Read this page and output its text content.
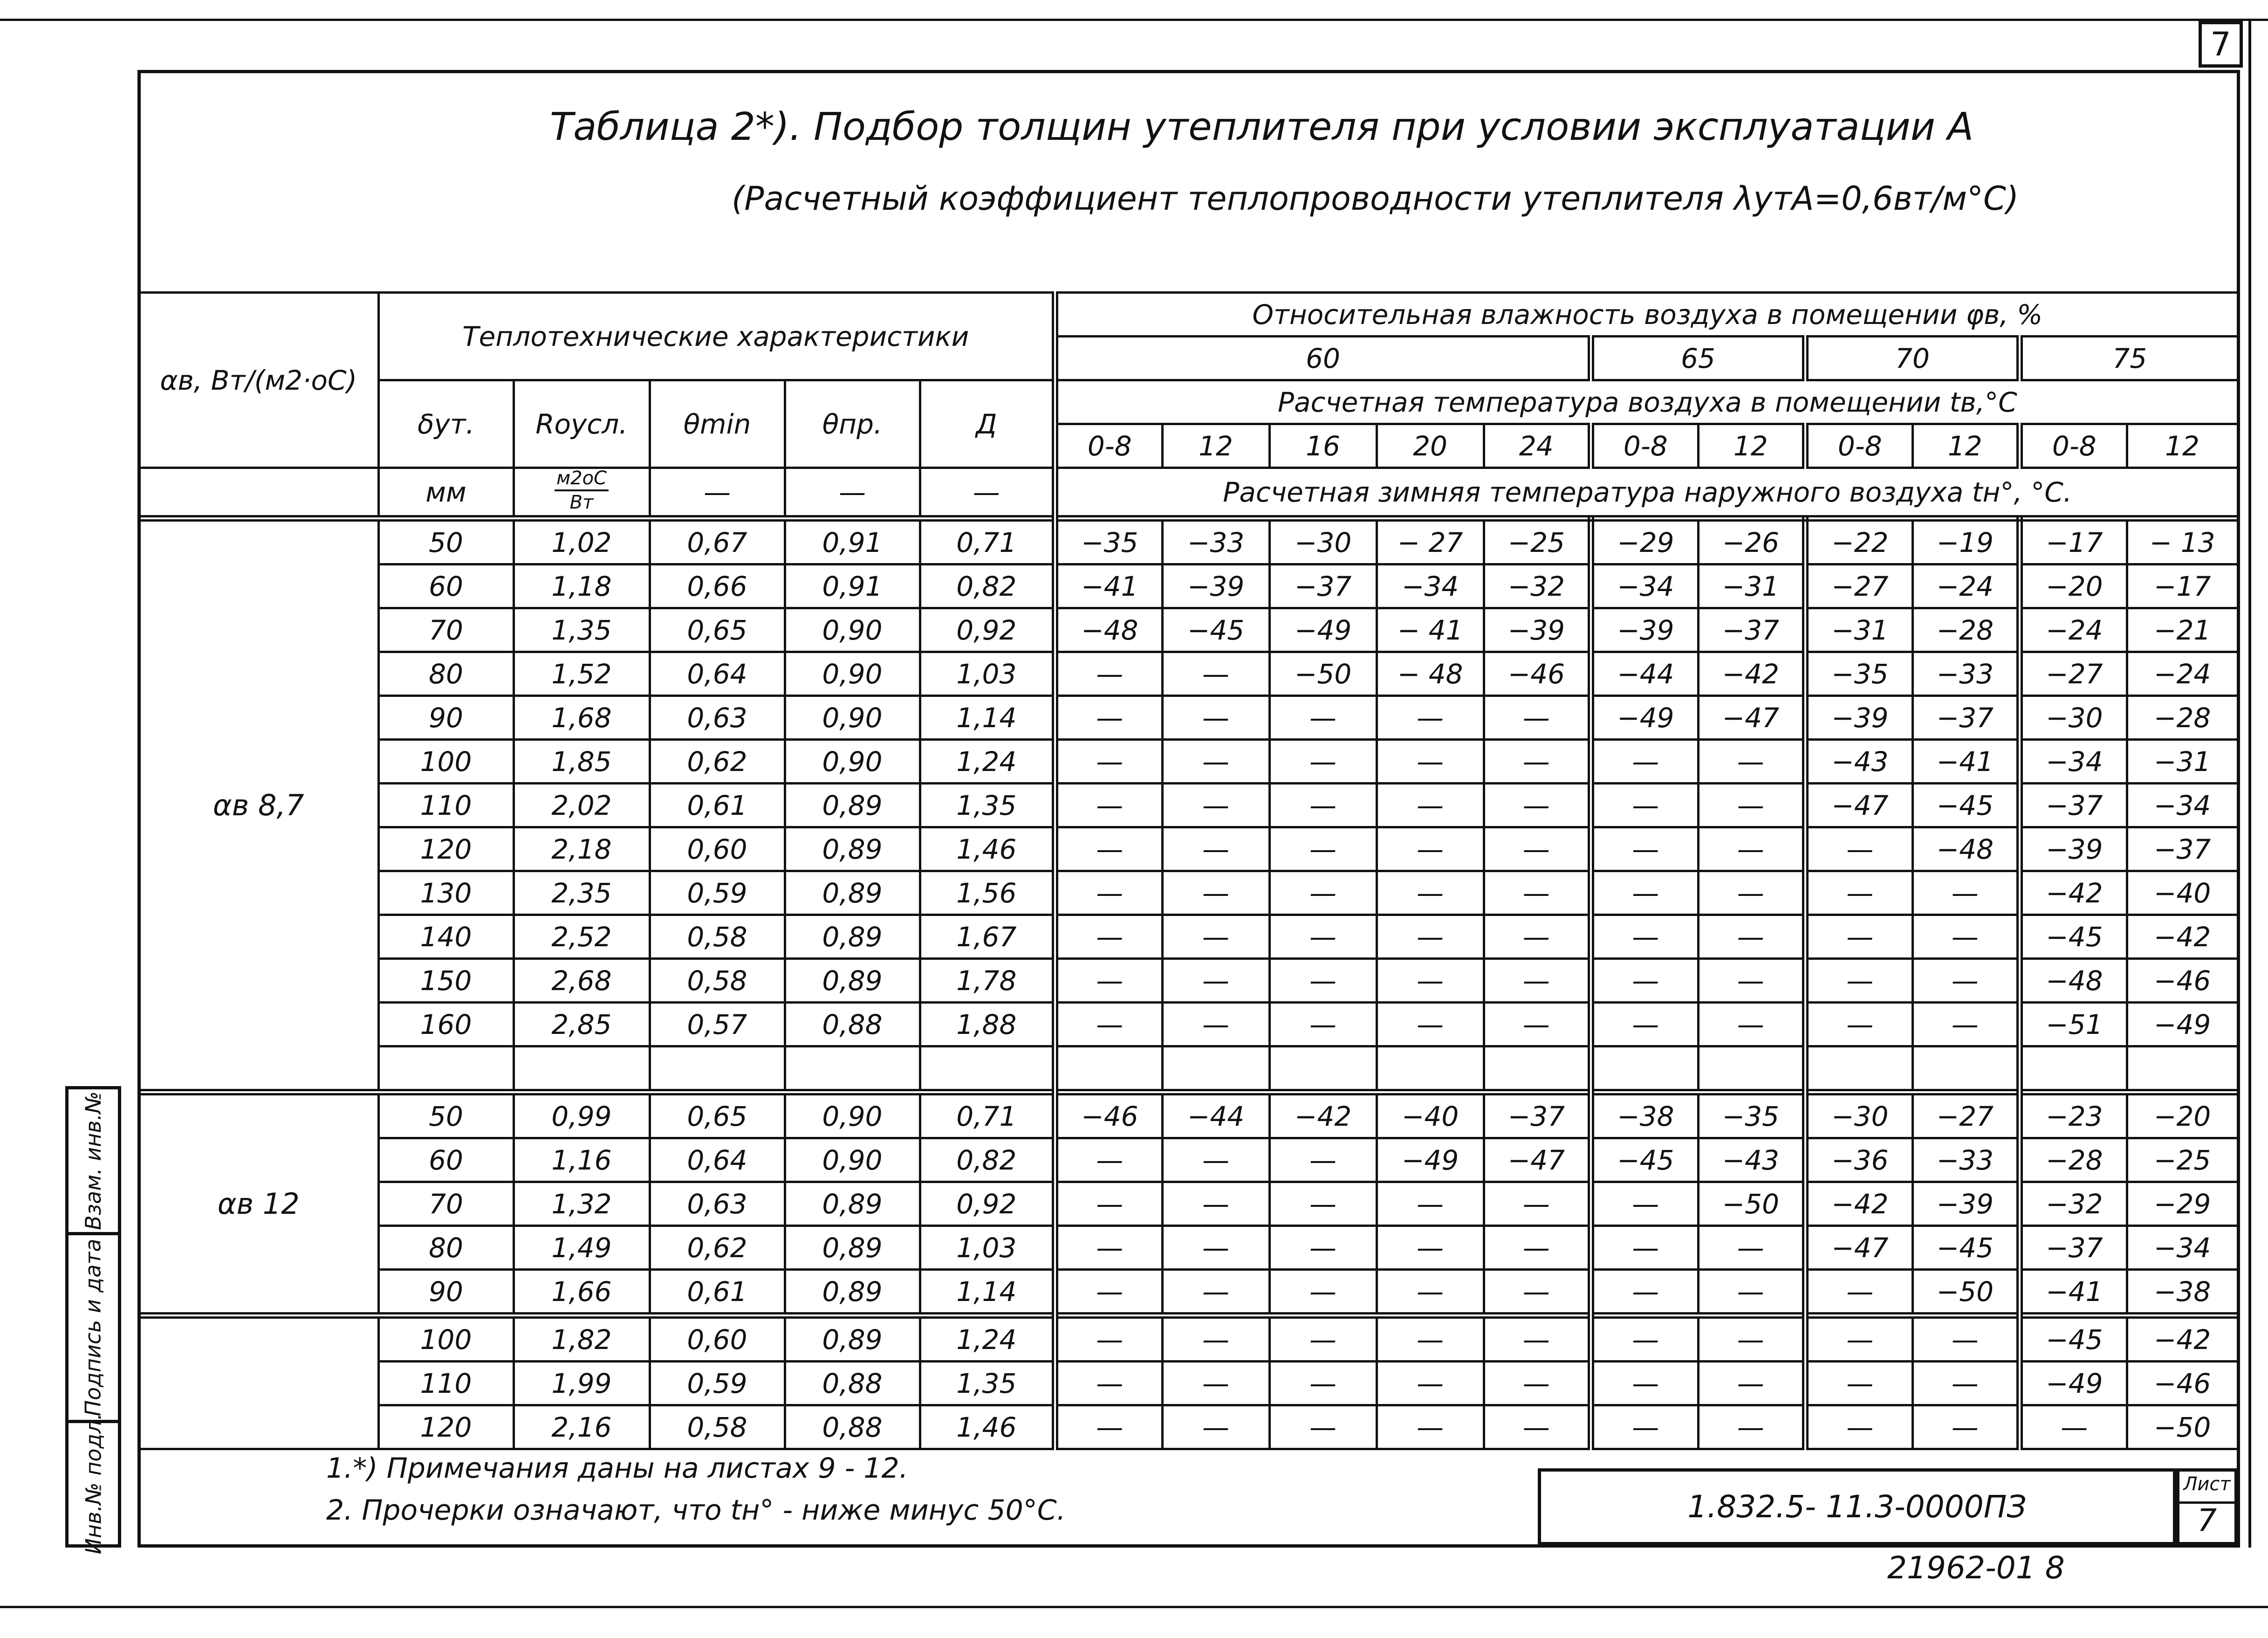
7
Таблица 2*). Подбор толщин утеплителя при условии эксплуатации А
(Расчетный коэффициент теплопроводности утеплителя λутА=0,6вт/м°С)
αв, Вт/(м2·оС)	Теплотехнические характеристики					Относительная влажность воздуха в помещении φв, %										
						60					65		70		75	
	δут.	Rоусл.	θmin	θпр.	Д	Расчетная температура воздуха в помещении tв,°С										
						0-8	12	16	20	24	0-8	12	0-8	12	0-8	12
	мм	$\frac{м2оС}{Вт}$	—	—	—	Расчетная зимняя температура наружного воздуха tн°, °С.										
αв 8,7	50	1,02	0,67	0,91	0,71	−35	−33	−30	− 27	−25	−29	−26	−22	−19	−17	− 13
	60	1,18	0,66	0,91	0,82	−41	−39	−37	−34	−32	−34	−31	−27	−24	−20	−17
	70	1,35	0,65	0,90	0,92	−48	−45	−49	− 41	−39	−39	−37	−31	−28	−24	−21
	80	1,52	0,64	0,90	1,03	—	—	−50	− 48	−46	−44	−42	−35	−33	−27	−24
	90	1,68	0,63	0,90	1,14	—	—	—	—	—	−49	−47	−39	−37	−30	−28
	100	1,85	0,62	0,90	1,24	—	—	—	—	—	—	—	−43	−41	−34	−31
	110	2,02	0,61	0,89	1,35	—	—	—	—	—	—	—	−47	−45	−37	−34
	120	2,18	0,60	0,89	1,46	—	—	—	—	—	—	—	—	−48	−39	−37
	130	2,35	0,59	0,89	1,56	—	—	—	—	—	—	—	—	—	−42	−40
	140	2,52	0,58	0,89	1,67	—	—	—	—	—	—	—	—	—	−45	−42
	150	2,68	0,58	0,89	1,78	—	—	—	—	—	—	—	—	—	−48	−46
	160	2,85	0,57	0,88	1,88	—	—	—	—	—	—	—	—	—	−51	−49

αв 12	50	0,99	0,65	0,90	0,71	−46	−44	−42	−40	−37	−38	−35	−30	−27	−23	−20
	60	1,16	0,64	0,90	0,82	—	—	—	−49	−47	−45	−43	−36	−33	−28	−25
	70	1,32	0,63	0,89	0,92	—	—	—	—	—	—	−50	−42	−39	−32	−29
	80	1,49	0,62	0,89	1,03	—	—	—	—	—	—	—	−47	−45	−37	−34
	90	1,66	0,61	0,89	1,14	—	—	—	—	—	—	—	—	−50	−41	−38
	100	1,82	0,60	0,89	1,24	—	—	—	—	—	—	—	—	—	−45	−42
	110	1,99	0,59	0,88	1,35	—	—	—	—	—	—	—	—	—	−49	−46
	120	2,16	0,58	0,88	1,46	—	—	—	—	—	—	—	—	—	—	−50
Взам. инв.№
Подпись и дата
Инв.№ подл.	1.*) Примечания даны на листах 9 - 12.
2. Прочерки означают, что tн° - ниже минус 50°С.	1.832.5- 11.3-0000ПЗ
Лист
7
21962-01 8
